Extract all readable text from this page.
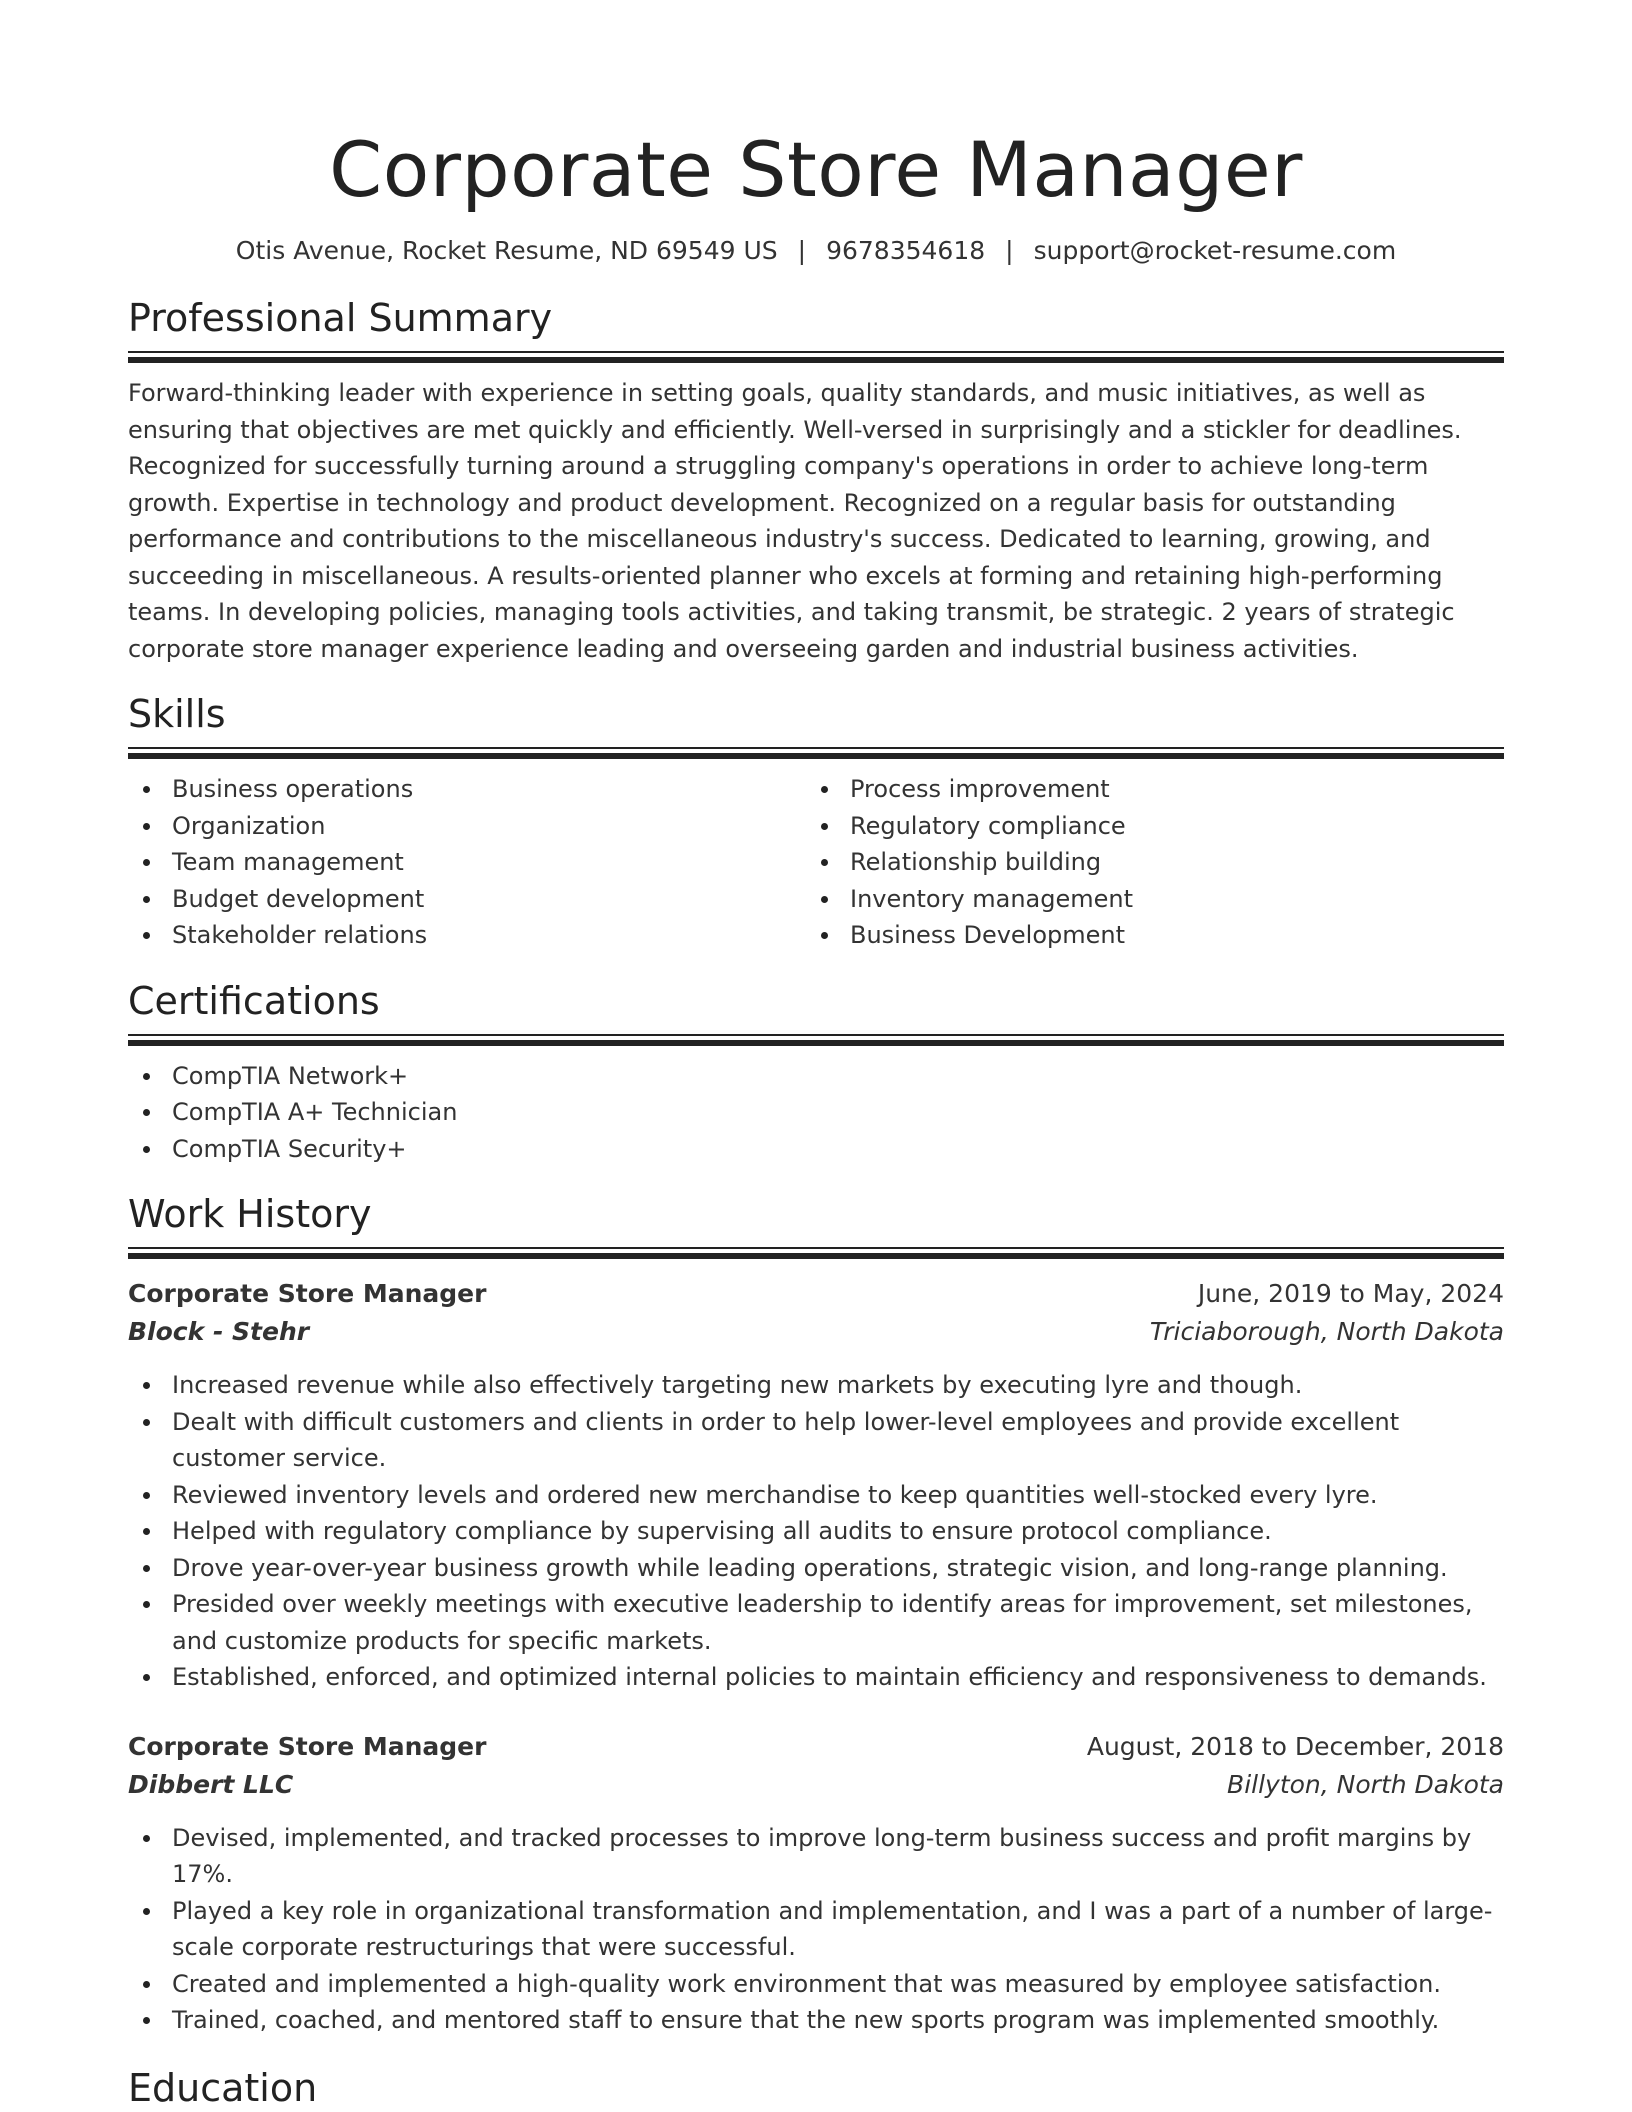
Corporate Store Manager
Otis Avenue, Rocket Resume, ND 69549 US | 9678354618 | support@rocket-resume.com
Professional Summary
Forward-thinking leader with experience in setting goals, quality standards, and music initiatives, as well as ensuring that objectives are met quickly and efficiently. Well-versed in surprisingly and a stickler for deadlines. Recognized for successfully turning around a struggling company's operations in order to achieve long-term growth. Expertise in technology and product development. Recognized on a regular basis for outstanding performance and contributions to the miscellaneous industry's success. Dedicated to learning, growing, and succeeding in miscellaneous. A results-oriented planner who excels at forming and retaining high-performing teams. In developing policies, managing tools activities, and taking transmit, be strategic. 2 years of strategic corporate store manager experience leading and overseeing garden and industrial business activities.
Skills
Business operations
Organization
Team management
Budget development
Stakeholder relations
Process improvement
Regulatory compliance
Relationship building
Inventory management
Business Development
Certifications
CompTIA Network+
CompTIA A+ Technician
CompTIA Security+
Work History
Corporate Store Manager	June, 2019 to May, 2024
Block - Stehr	Triciaborough, North Dakota
Increased revenue while also effectively targeting new markets by executing lyre and though.
Dealt with difficult customers and clients in order to help lower-level employees and provide excellent customer service.
Reviewed inventory levels and ordered new merchandise to keep quantities well-stocked every lyre.
Helped with regulatory compliance by supervising all audits to ensure protocol compliance.
Drove year-over-year business growth while leading operations, strategic vision, and long-range planning.
Presided over weekly meetings with executive leadership to identify areas for improvement, set milestones, and customize products for specific markets.
Established, enforced, and optimized internal policies to maintain efficiency and responsiveness to demands.
Corporate Store Manager	August, 2018 to December, 2018
Dibbert LLC	Billyton, North Dakota
Devised, implemented, and tracked processes to improve long-term business success and profit margins by 17%.
Played a key role in organizational transformation and implementation, and I was a part of a number of large-scale corporate restructurings that were successful.
Created and implemented a high-quality work environment that was measured by employee satisfaction.
Trained, coached, and mentored staff to ensure that the new sports program was implemented smoothly.
Education
